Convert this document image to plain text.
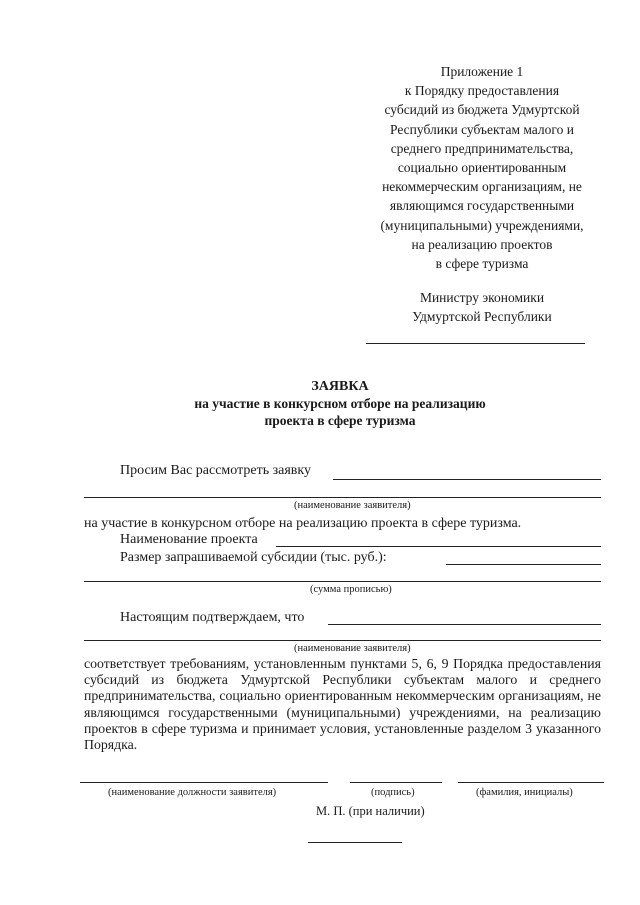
Приложение 1
к Порядку предоставления
субсидий из бюджета Удмуртской
Республики субъектам малого и
среднего предпринимательства,
социально ориентированным
некоммерческим организациям, не
являющимся государственными
(муниципальными) учреждениями,
на реализацию проектов
в сфере туризма
Министру экономики
Удмуртской Республики
ЗАЯВКА
на участие в конкурсном отборе на реализацию
проекта в сфере туризма
Просим Вас рассмотреть заявку
(наименование заявителя)
на участие в конкурсном отборе на реализацию проекта в сфере туризма.
Наименование проекта
Размер запрашиваемой субсидии (тыс. руб.):
(сумма прописью)
Настоящим подтверждаем, что
(наименование заявителя)
соответствует требованиям, установленным пунктами 5, 6, 9 Порядка предоставления субсидий из бюджета Удмуртской Республики субъектам малого и среднего предпринимательства, социально ориентированным некоммерческим организациям, не являющимся государственными (муниципальными) учреждениями, на реализацию проектов в сфере туризма и принимает условия, установленные разделом 3 указанного Порядка.
(наименование должности заявителя)	(подпись)	(фамилия, инициалы)
М. П. (при наличии)
